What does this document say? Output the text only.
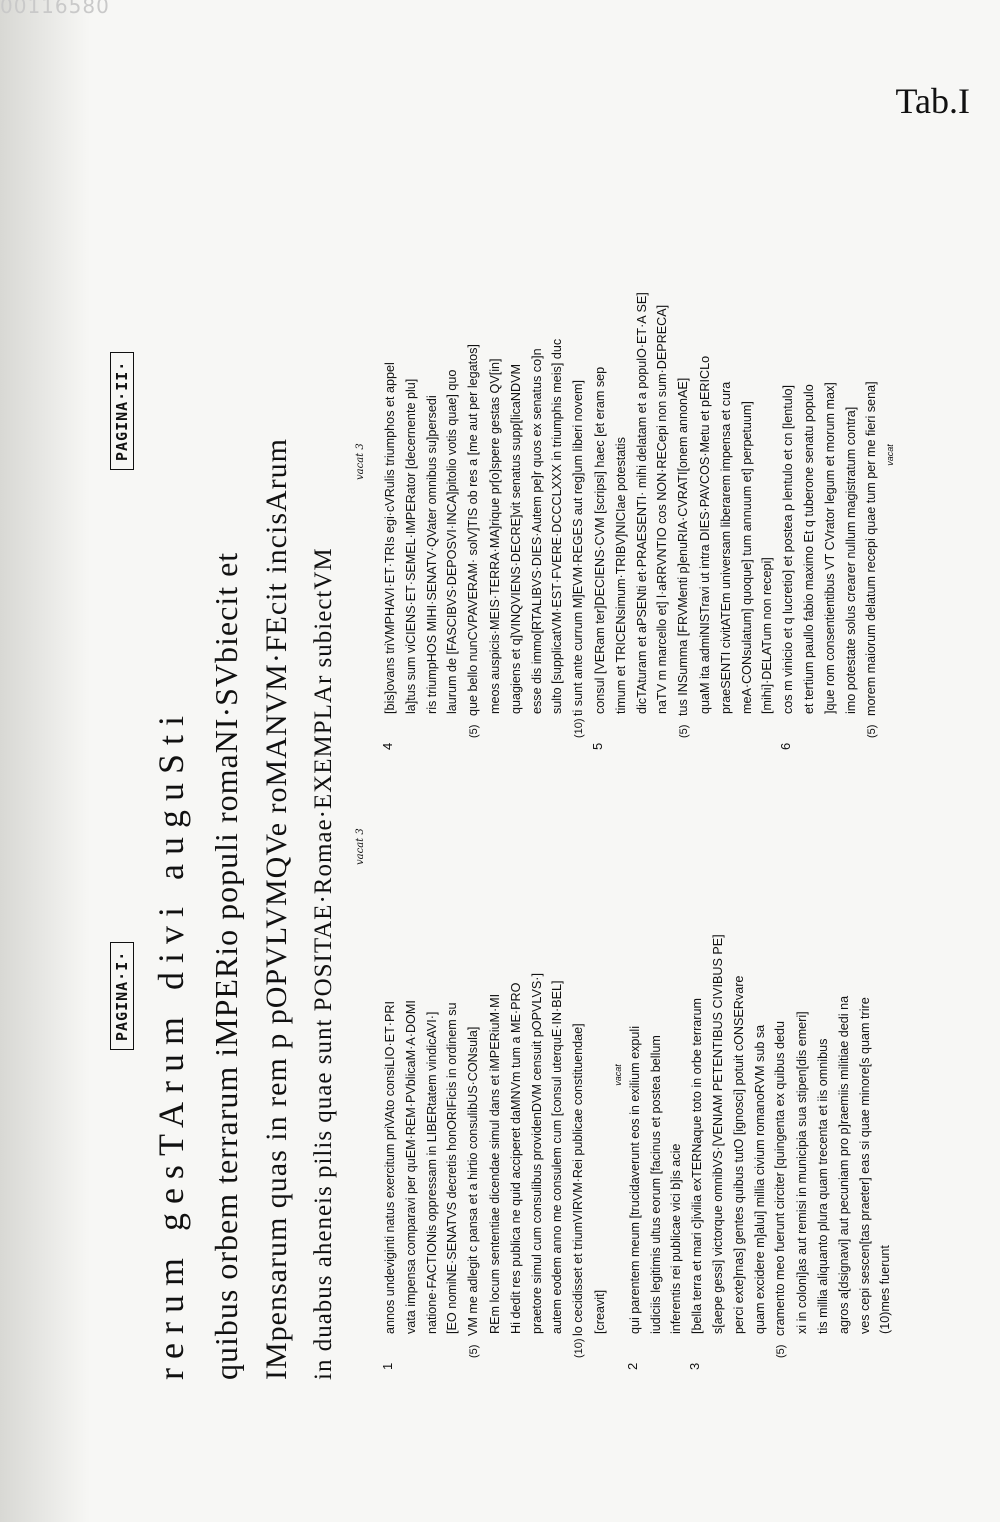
00116580
Tab.I
PAGINA·I·
PAGINA·II·
rerum gesTArum divi auguSti quibus orbem terrarum iMPERio populi romaNI·SVbiecit et IMpensarum quas in rem p pOPVLVMQVe roMANVM·FEcit incisArum in duabus aheneis pilis quae sunt POSITAE·Romae·EXEMPLAr subiectVM vacat 3
vacat 3
1
annos undeviginti natus exercitum priVAto consiLIO·ET·PRI vata impensa comparavi per quEM·REM·PVblicaM·A·DOMI natione·FACTIONis oppressam in LIBERtatem vindicAVI·] [EO nomiNE·SENATVS decretis honORIFicis in ordinem su
(5)VM me adlegit c pansa et a hirtio consulibUS·CONsula] REm locum sententiae dicendae simul dans et iMPERiuM·MI Hi dedit res publica ne quid acciperet daMNVm tum a ME·PRO praetore simul cum consulibus providenDVM censuit pOPVLVS·] autem eodem anno me consulem cum [consul uterquE·IN·BEL]
(10)lo cecidisset et triumVIRVM·Rei publicae constituendae] [creavit]
vacat
2
qui parentem meum [trucidaverunt eos in exilium expuli iudiciis legitimis ultus eorum [facinus et postea bellum inferentis rei publicae vici b]is acie
3
[bella terra et mari c]ivilia exTERNaque toto in orbe terrarum s[aepe gessi] victorque omnibVS·[VENIAM PETENTIBUS CIVIBUS PE] perci exte]rnas] gentes quibus tutO [ignosci] potuit cONSERvare quam excidere m]alui] millia civium romanoRVM sub sa
(5)cramento meo fuerunt circiter [quingenta ex quibus dedu xi in coloni]as aut remisi in municipia sua stipen[dis emeri] tis millia aliquanto plura quam trecenta et iis omnibus agros a[dsignavi] aut pecuniam pro p]raemiis militiae dedi na ves cepi sescen[tas praeter] eas si quae minore[s quam trire (10)mes fuerunt
4
[bis]ovans triVMPHAVI·ET·TRIs egi·cVRulis triumphos et appel la]tus sum viCIENS·ET·SEMEL·IMPERator [decernente plu] ris triumpHOS MIHI·SENATV·QVater omnibus su]persedi laurum de [FASCIBVS·DEPOSVI·INCA]pitolio votis quae] quo
(5)que bello nunCVPAVERAM· solV]TIS ob res a [me aut per legatos] meos auspicis·MEIS·TERRA·MA]rique pr[o]spere gestas QV[in] quagiens et q]VINQVIENS·DECRE]vit senatus supp[licaNDVM esse dis immo[RTALIBVS·DIES·Autem pe]r quos ex senatus co]n sulto [supplicatVM·EST·FVERE·DCCCLXXX in triumphis meis] duc
(10)ti sunt ante currum M]EVM·REGES aut reg]um liberi novem]
5
consul [VERam ter]DECIENS·CVM [scripsi] haec [et eram sep timum et TRICENsimum·TRIBV]NICIae potestatis dicTAturam et aPSENti et·PRAESENTI· mihi delatam et a populO·ET·A SE] naTV m marcello et] l·aRRVNTIO cos NON·RECepi non sum·DEPRECA]
(5)tus INSumma [FRVMenti p]enuRIA·CVRATI[onem annonAE] quaM ita admiNISTravi ut intra DIES·PAVCOS·Metu et pERICLo praeSENTI civitATEm universam liberarem impensa et cura meA·CONsulatum] quoque] tum annuum et] perpetuum] [mihi]·DELATum non recepi]
6
cos m vinicio et q lucretio] et postea p lentulo et cn [lentulo] et tertium paullo fabio maximo Et q tuberone senatu populo ]que rom consentientibus VT CVrator legum et morum max] imo potestate solus crearer nullum magistratum contra]
(5)morem maiorum delatum recepi quae tum per me fieri sena] vacat
